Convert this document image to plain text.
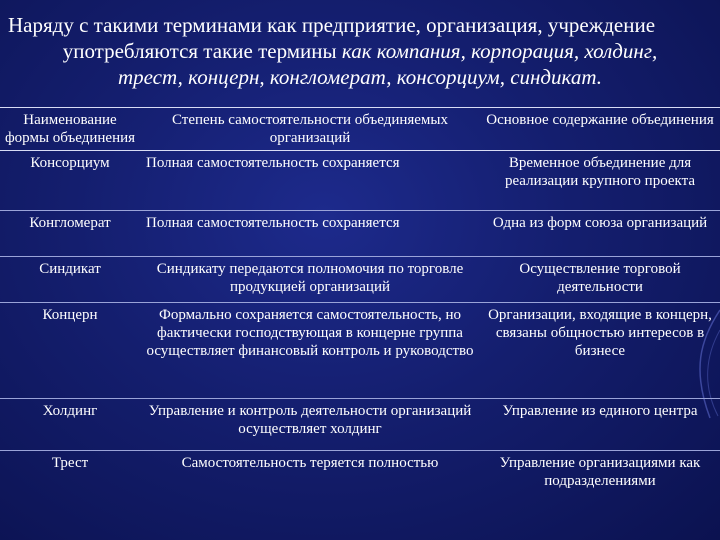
Наряду с такими терминами как предприятие, организация, учреждение
употребляются такие термины как компания, корпорация, холдинг,
трест, концерн, конгломерат, консорциум, синдикат.
Наименование формы объединения	Степень самостоятельности объединяемых организаций	Основное содержание объединения
Консорциум	Полная самостоятельность сохраняется	Временное объединение для реализации крупного проекта
Конгломерат	Полная самостоятельность сохраняется	Одна из форм союза организаций
Синдикат	Синдикату передаются полномочия по торговле продукцией организаций	Осуществление торговой деятельности
Концерн	Формально сохраняется самостоятельность, но фактически господствующая в концерне группа осуществляет финансовый контроль и руководство	Организации, входящие в концерн, связаны общностью интересов в бизнесе
Холдинг	Управление и контроль деятельности организаций осуществляет холдинг	Управление из единого центра
Трест	Самостоятельность теряется полностью	Управление организациями как подразделениями
